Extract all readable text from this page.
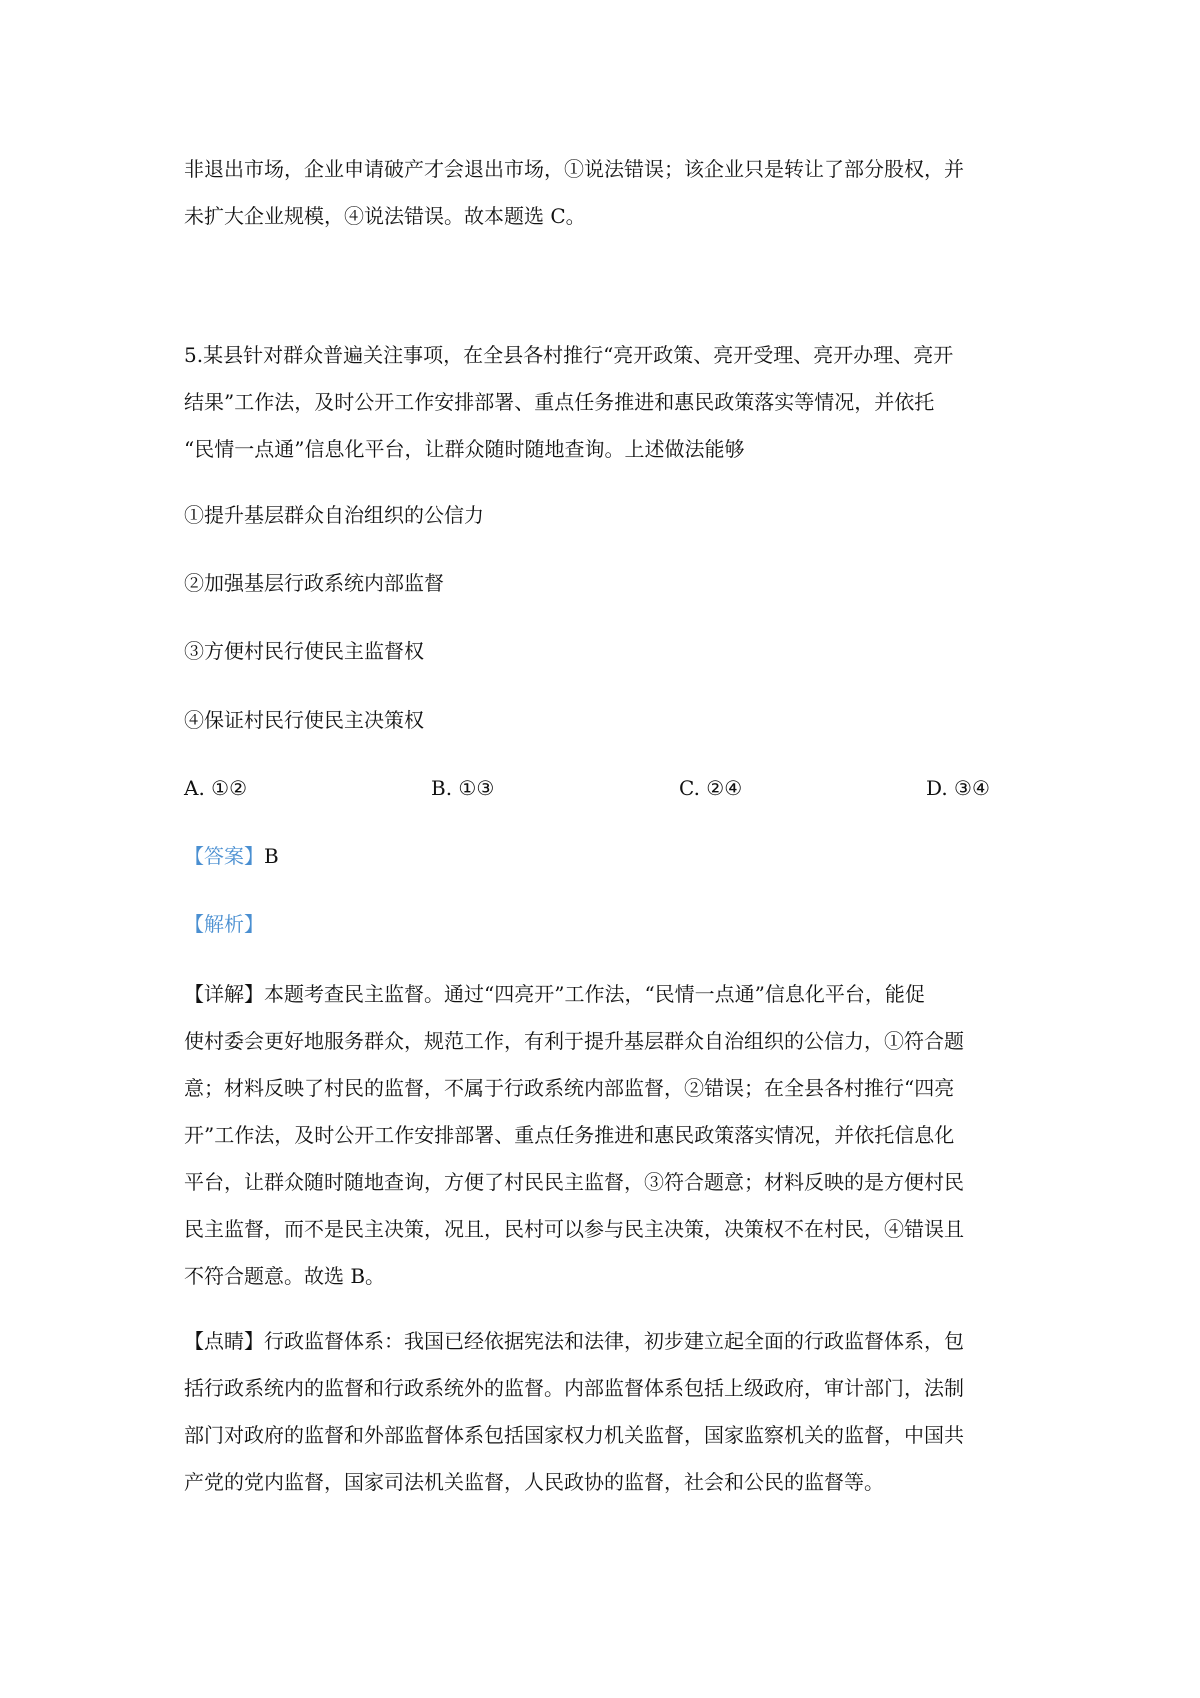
非退出市场，企业申请破产才会退出市场，①说法错误；该企业只是转让了部分股权，并
未扩大企业规模，④说法错误。故本题选 C。
5.某县针对群众普遍关注事项，在全县各村推行“亮开政策、亮开受理、亮开办理、亮开
结果”工作法，及时公开工作安排部署、重点任务推进和惠民政策落实等情况，并依托
“民情一点通”信息化平台，让群众随时随地查询。上述做法能够

①提升基层群众自治组织的公信力

②加强基层行政系统内部监督

③方便村民行使民主监督权

④保证村民行使民主决策权

A. ①②	B. ①③	C. ②④	D. ③④

【答案】B

【解析】

【详解】本题考查民主监督。通过“四亮开”工作法，“民情一点通”信息化平台，能促
使村委会更好地服务群众，规范工作，有利于提升基层群众自治组织的公信力，①符合题
意；材料反映了村民的监督，不属于行政系统内部监督，②错误；在全县各村推行“四亮
开”工作法，及时公开工作安排部署、重点任务推进和惠民政策落实情况，并依托信息化
平台，让群众随时随地查询，方便了村民民主监督，③符合题意；材料反映的是方便村民
民主监督，而不是民主决策，况且，民村可以参与民主决策，决策权不在村民，④错误且
不符合题意。故选 B。
【点睛】行政监督体系：我国已经依据宪法和法律，初步建立起全面的行政监督体系，包
括行政系统内的监督和行政系统外的监督。内部监督体系包括上级政府，审计部门，法制
部门对政府的监督和外部监督体系包括国家权力机关监督，国家监察机关的监督，中国共
产党的党内监督，国家司法机关监督，人民政协的监督，社会和公民的监督等。
